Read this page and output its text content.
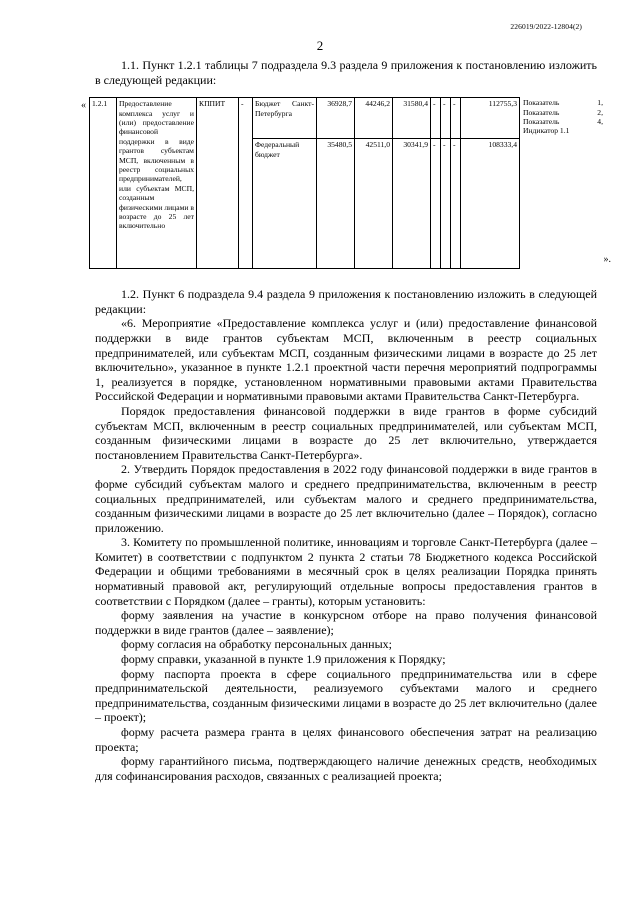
226019/2022-12804(2)
2

1.1. Пункт 1.2.1 таблицы 7 подраздела 9.3 раздела 9 приложения к постановлению изложить в следующей редакции:

« 1.2.1	Предоставление комплекса услуг и (или) предоставление финансовой поддержки в виде грантов субъектам МСП, включенным в реестр социальных предпринимателей, или субъектам МСП, созданным физическими лицами в возрасте до 25 лет включительно	КППИТ	-	Бюджет Санкт-Петербурга	36928,7	44246,2	31580,4	-	-	-	112755,3
				Федеральный бюджет	35480,5	42511,0	30341,9	-	-	-	108333,4
Показатель 1, Показатель 2, Показатель 4, Индикатор 1.1
».

1.2. Пункт 6 подраздела 9.4 раздела 9 приложения к постановлению изложить в следующей редакции:

«6. Мероприятие «Предоставление комплекса услуг и (или) предоставление финансовой поддержки в виде грантов субъектам МСП, включенным в реестр социальных предпринимателей, или субъектам МСП, созданным физическими лицами в возрасте до 25 лет включительно», указанное в пункте 1.2.1 проектной части перечня мероприятий подпрограммы 1, реализуется в порядке, установленном нормативными правовыми актами Правительства Российской Федерации и нормативными правовыми актами Правительства Санкт-Петербурга.

Порядок предоставления финансовой поддержки в виде грантов в форме субсидий субъектам МСП, включенным в реестр социальных предпринимателей, или субъектам МСП, созданным физическими лицами в возрасте до 25 лет включительно, утверждается постановлением Правительства Санкт-Петербурга».

2. Утвердить Порядок предоставления в 2022 году финансовой поддержки в виде грантов в форме субсидий субъектам малого и среднего предпринимательства, включенным в реестр социальных предпринимателей, или субъектам малого и среднего предпринимательства, созданным физическими лицами в возрасте до 25 лет включительно (далее – Порядок), согласно приложению.

3. Комитету по промышленной политике, инновациям и торговле Санкт-Петербурга (далее – Комитет) в соответствии с подпунктом 2 пункта 2 статьи 78 Бюджетного кодекса Российской Федерации и общими требованиями в месячный срок в целях реализации Порядка принять нормативный правовой акт, регулирующий отдельные вопросы предоставления грантов в соответствии с Порядком (далее – гранты), которым установить:

форму заявления на участие в конкурсном отборе на право получения финансовой поддержки в виде грантов (далее – заявление);

форму согласия на обработку персональных данных;

форму справки, указанной в пункте 1.9 приложения к Порядку;

форму паспорта проекта в сфере социального предпринимательства или в сфере предпринимательской деятельности, реализуемого субъектами малого и среднего предпринимательства, созданным физическими лицами в возрасте до 25 лет включительно (далее – проект);

форму расчета размера гранта в целях финансового обеспечения затрат на реализацию проекта;

форму гарантийного письма, подтверждающего наличие денежных средств, необходимых для софинансирования расходов, связанных с реализацией проекта;
